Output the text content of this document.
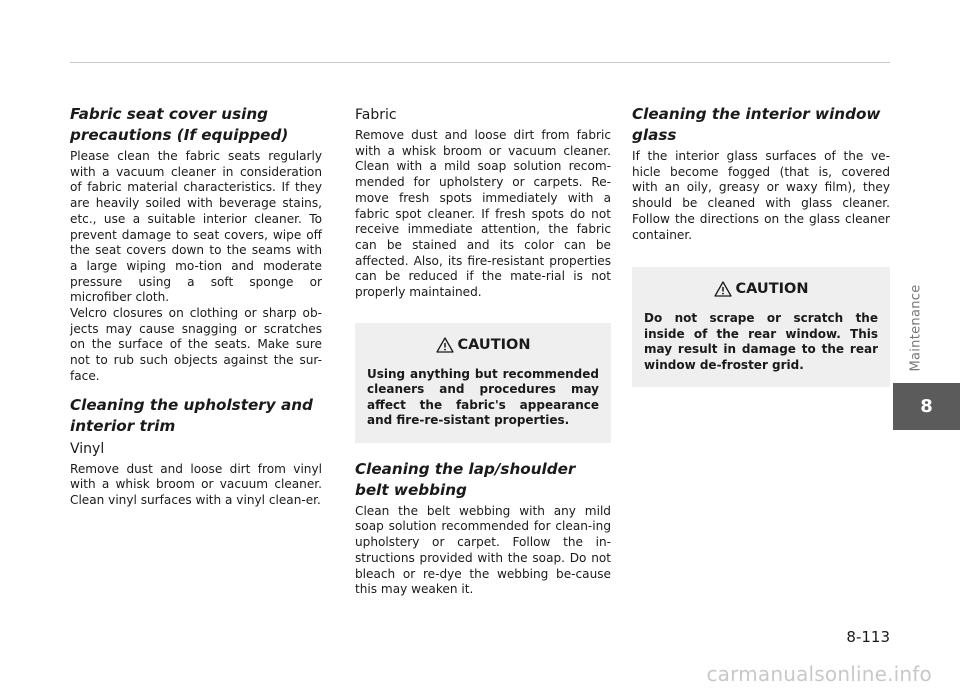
Fabric seat cover using precautions (If equipped)

Please clean the fabric seats regularly with a vacuum cleaner in consideration of fabric material characteristics. If they are heavily soiled with beverage stains, etc., use a suitable interior cleaner. To prevent damage to seat covers, wipe off the seat covers down to the seams with a large wiping mo-tion and moderate pressure using a soft sponge or microfiber cloth.

Velcro closures on clothing or sharp ob-jects may cause snagging or scratches on the surface of the seats. Make sure not to rub such objects against the sur-face.

Cleaning the upholstery and interior trim
Vinyl

Remove dust and loose dirt from vinyl with a whisk broom or vacuum cleaner. Clean vinyl surfaces with a vinyl clean-er.

Fabric

Remove dust and loose dirt from fabric with a whisk broom or vacuum cleaner. Clean with a mild soap solution recom-mended for upholstery or carpets. Re-move fresh spots immediately with a fabric spot cleaner. If fresh spots do not receive immediate attention, the fabric can be stained and its color can be affected. Also, its fire-resistant properties can be reduced if the mate-rial is not properly maintained.

CAUTION

Using anything but recommended cleaners and procedures may affect the fabric's appearance and fire-re-sistant properties.

Cleaning the lap/shoulder belt webbing

Clean the belt webbing with any mild soap solution recommended for clean-ing upholstery or carpet. Follow the in-structions provided with the soap. Do not bleach or re-dye the webbing be-cause this may weaken it.

Cleaning the interior window glass

If the interior glass surfaces of the ve-hicle become fogged (that is, covered with an oily, greasy or waxy film), they should be cleaned with glass cleaner. Follow the directions on the glass cleaner container.

CAUTION

Do not scrape or scratch the inside of the rear window. This may result in damage to the rear window de-froster grid.	Maintenance
8
8-113
carmanualsonline.info
